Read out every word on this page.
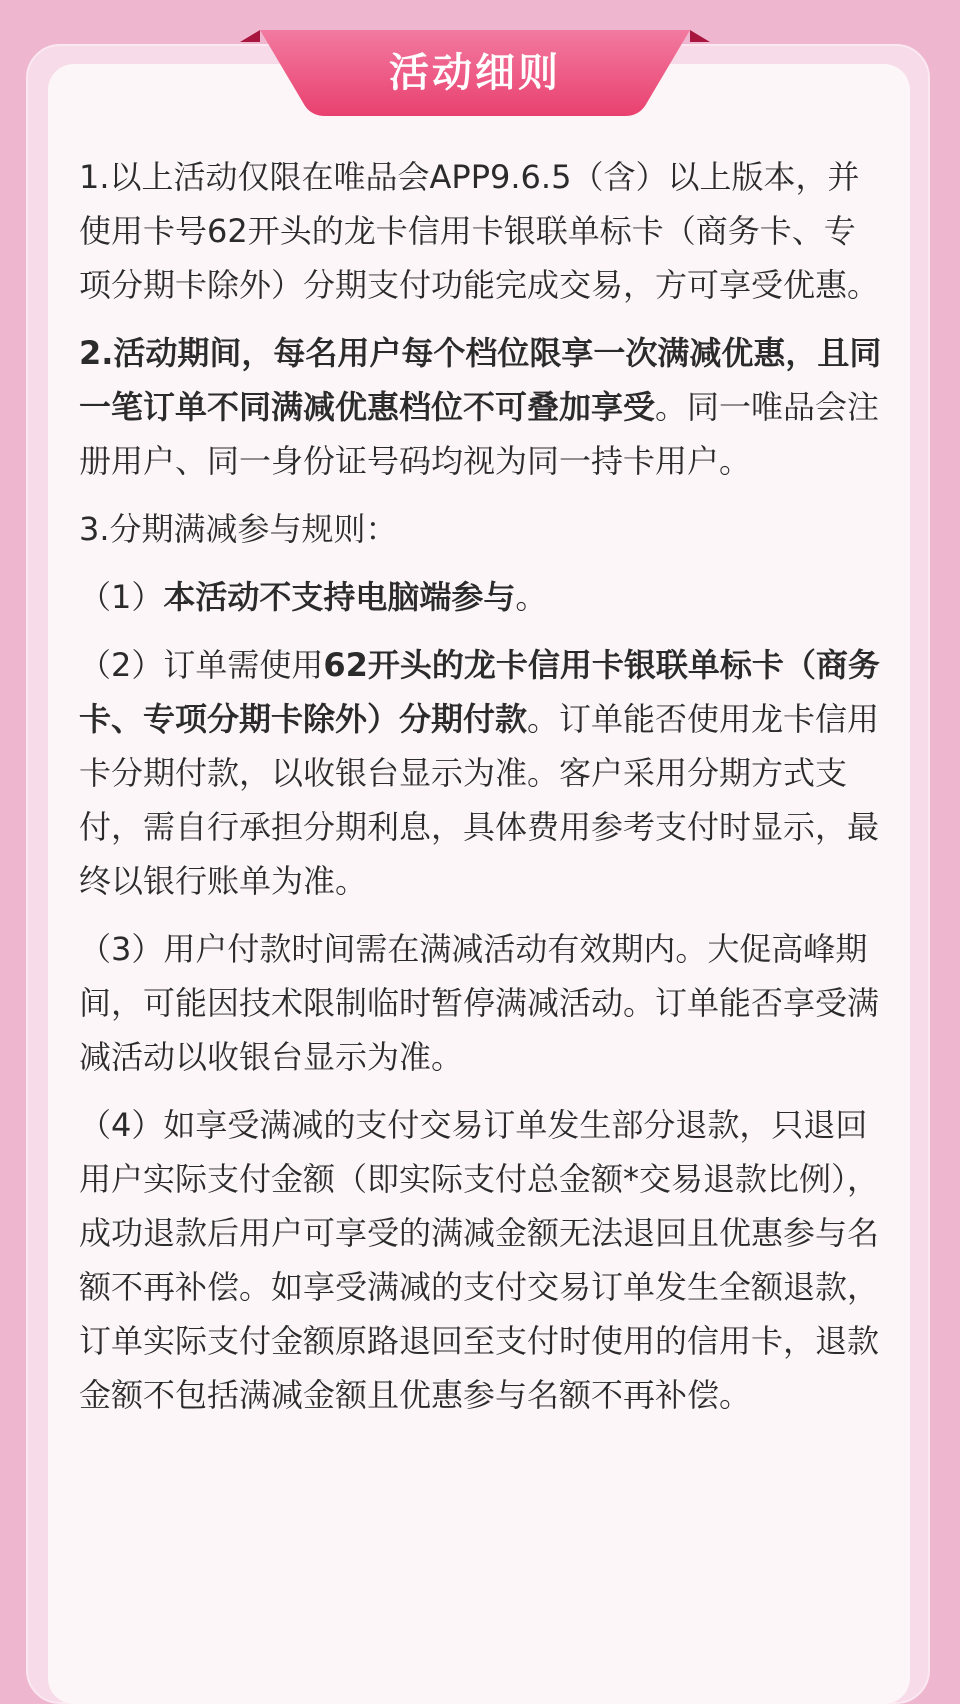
活动细则

1.以上活动仅限在唯品会APP9.6.5（含）以上版本，并使用卡号62开头的龙卡信用卡银联单标卡（商务卡、专项分期卡除外）分期支付功能完成交易，方可享受优惠。

2.活动期间，每名用户每个档位限享一次满减优惠，且同一笔订单不同满减优惠档位不可叠加享受。同一唯品会注册用户、同一身份证号码均视为同一持卡用户。

3.分期满减参与规则：

（1）本活动不支持电脑端参与。

（2）订单需使用62开头的龙卡信用卡银联单标卡（商务卡、专项分期卡除外）分期付款。订单能否使用龙卡信用卡分期付款，以收银台显示为准。客户采用分期方式支付，需自行承担分期利息，具体费用参考支付时显示，最终以银行账单为准。

（3）用户付款时间需在满减活动有效期内。大促高峰期间，可能因技术限制临时暂停满减活动。订单能否享受满减活动以收银台显示为准。

（4）如享受满减的支付交易订单发生部分退款，只退回用户实际支付金额（即实际支付总金额*交易退款比例），成功退款后用户可享受的满减金额无法退回且优惠参与名额不再补偿。如享受满减的支付交易订单发生全额退款，订单实际支付金额原路退回至支付时使用的信用卡，退款金额不包括满减金额且优惠参与名额不再补偿。
